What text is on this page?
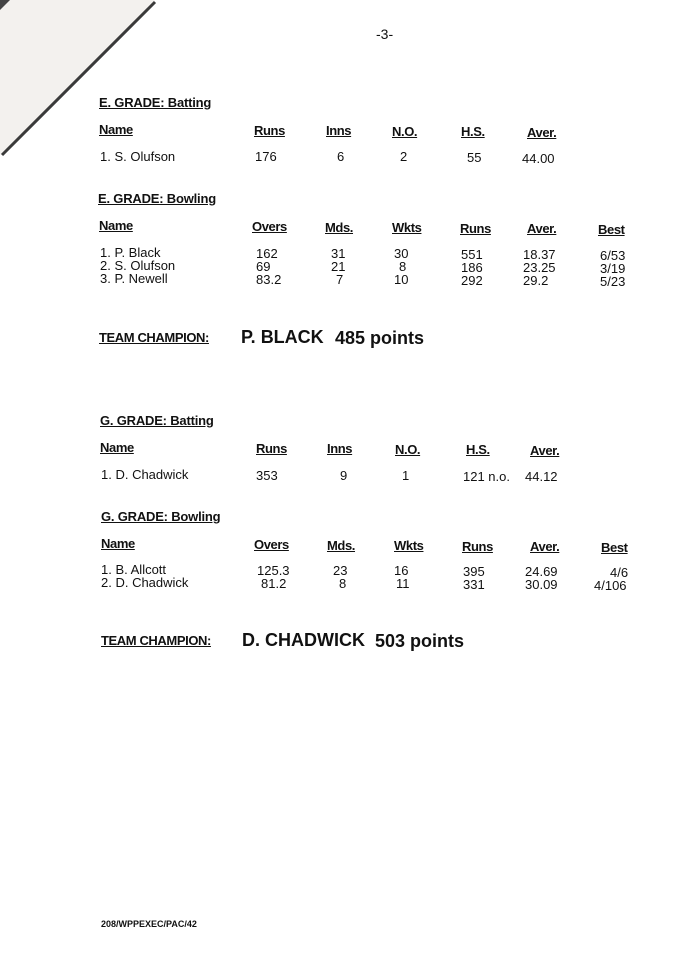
-3-
E. GRADE: Batting
Name	Runs	Inns	N.O.	H.S.	Aver.
1. S. Olufson	176	6	2	55	44.00
E. GRADE: Bowling
Name	Overs	Mds.	Wkts	Runs	Aver.	Best
1. P. Black	162	31	30	551	18.37	6/53
2. S. Olufson	69	21	8	186	23.25	3/19
3. P. Newell	83.2	7	10	292	29.2	5/23
TEAM CHAMPION: P. BLACK 485 points
G. GRADE: Batting
Name	Runs	Inns	N.O.	H.S.	Aver.
1. D. Chadwick	353	9	1	121 n.o. 44.12
G. GRADE: Bowling
Name	Overs	Mds.	Wkts	Runs	Aver.	Best
1. B. Allcott	125.3	23	16	395	24.69	4/6
2. D. Chadwick	81.2	8	11	331	30.09	4/106
TEAM CHAMPION: D. CHADWICK 503 points
208/WPPEXEC/PAC/42
